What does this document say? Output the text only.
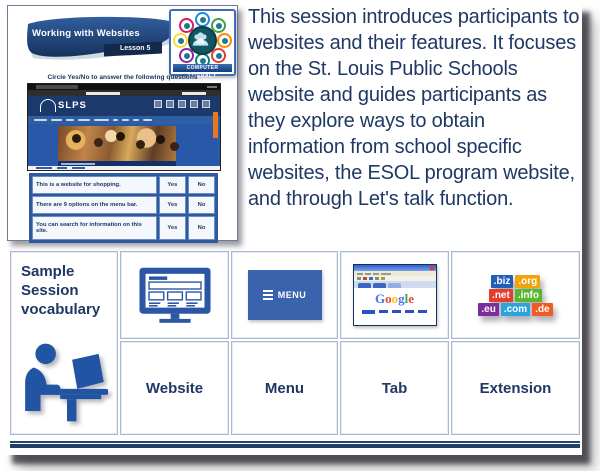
Working with Websites
Lesson 5
COMPUTER LITERACY
Circle Yes/No to answer the following questions
SLPS
This is a website for shopping.	Yes	No
There are 9 options on the menu bar.	Yes	No
You can search for information on this site.	Yes	No
This session introduces participants to websites and their features. It focuses on the St. Louis Public Schools website and guides participants as they explore ways to obtain information from school specific websites, the ESOL program website, and through Let's talk function.
Sample Session vocabulary
MENU	Google
.biz .org
.net .info
.eu .com .de
Website	Menu	Tab	Extension
